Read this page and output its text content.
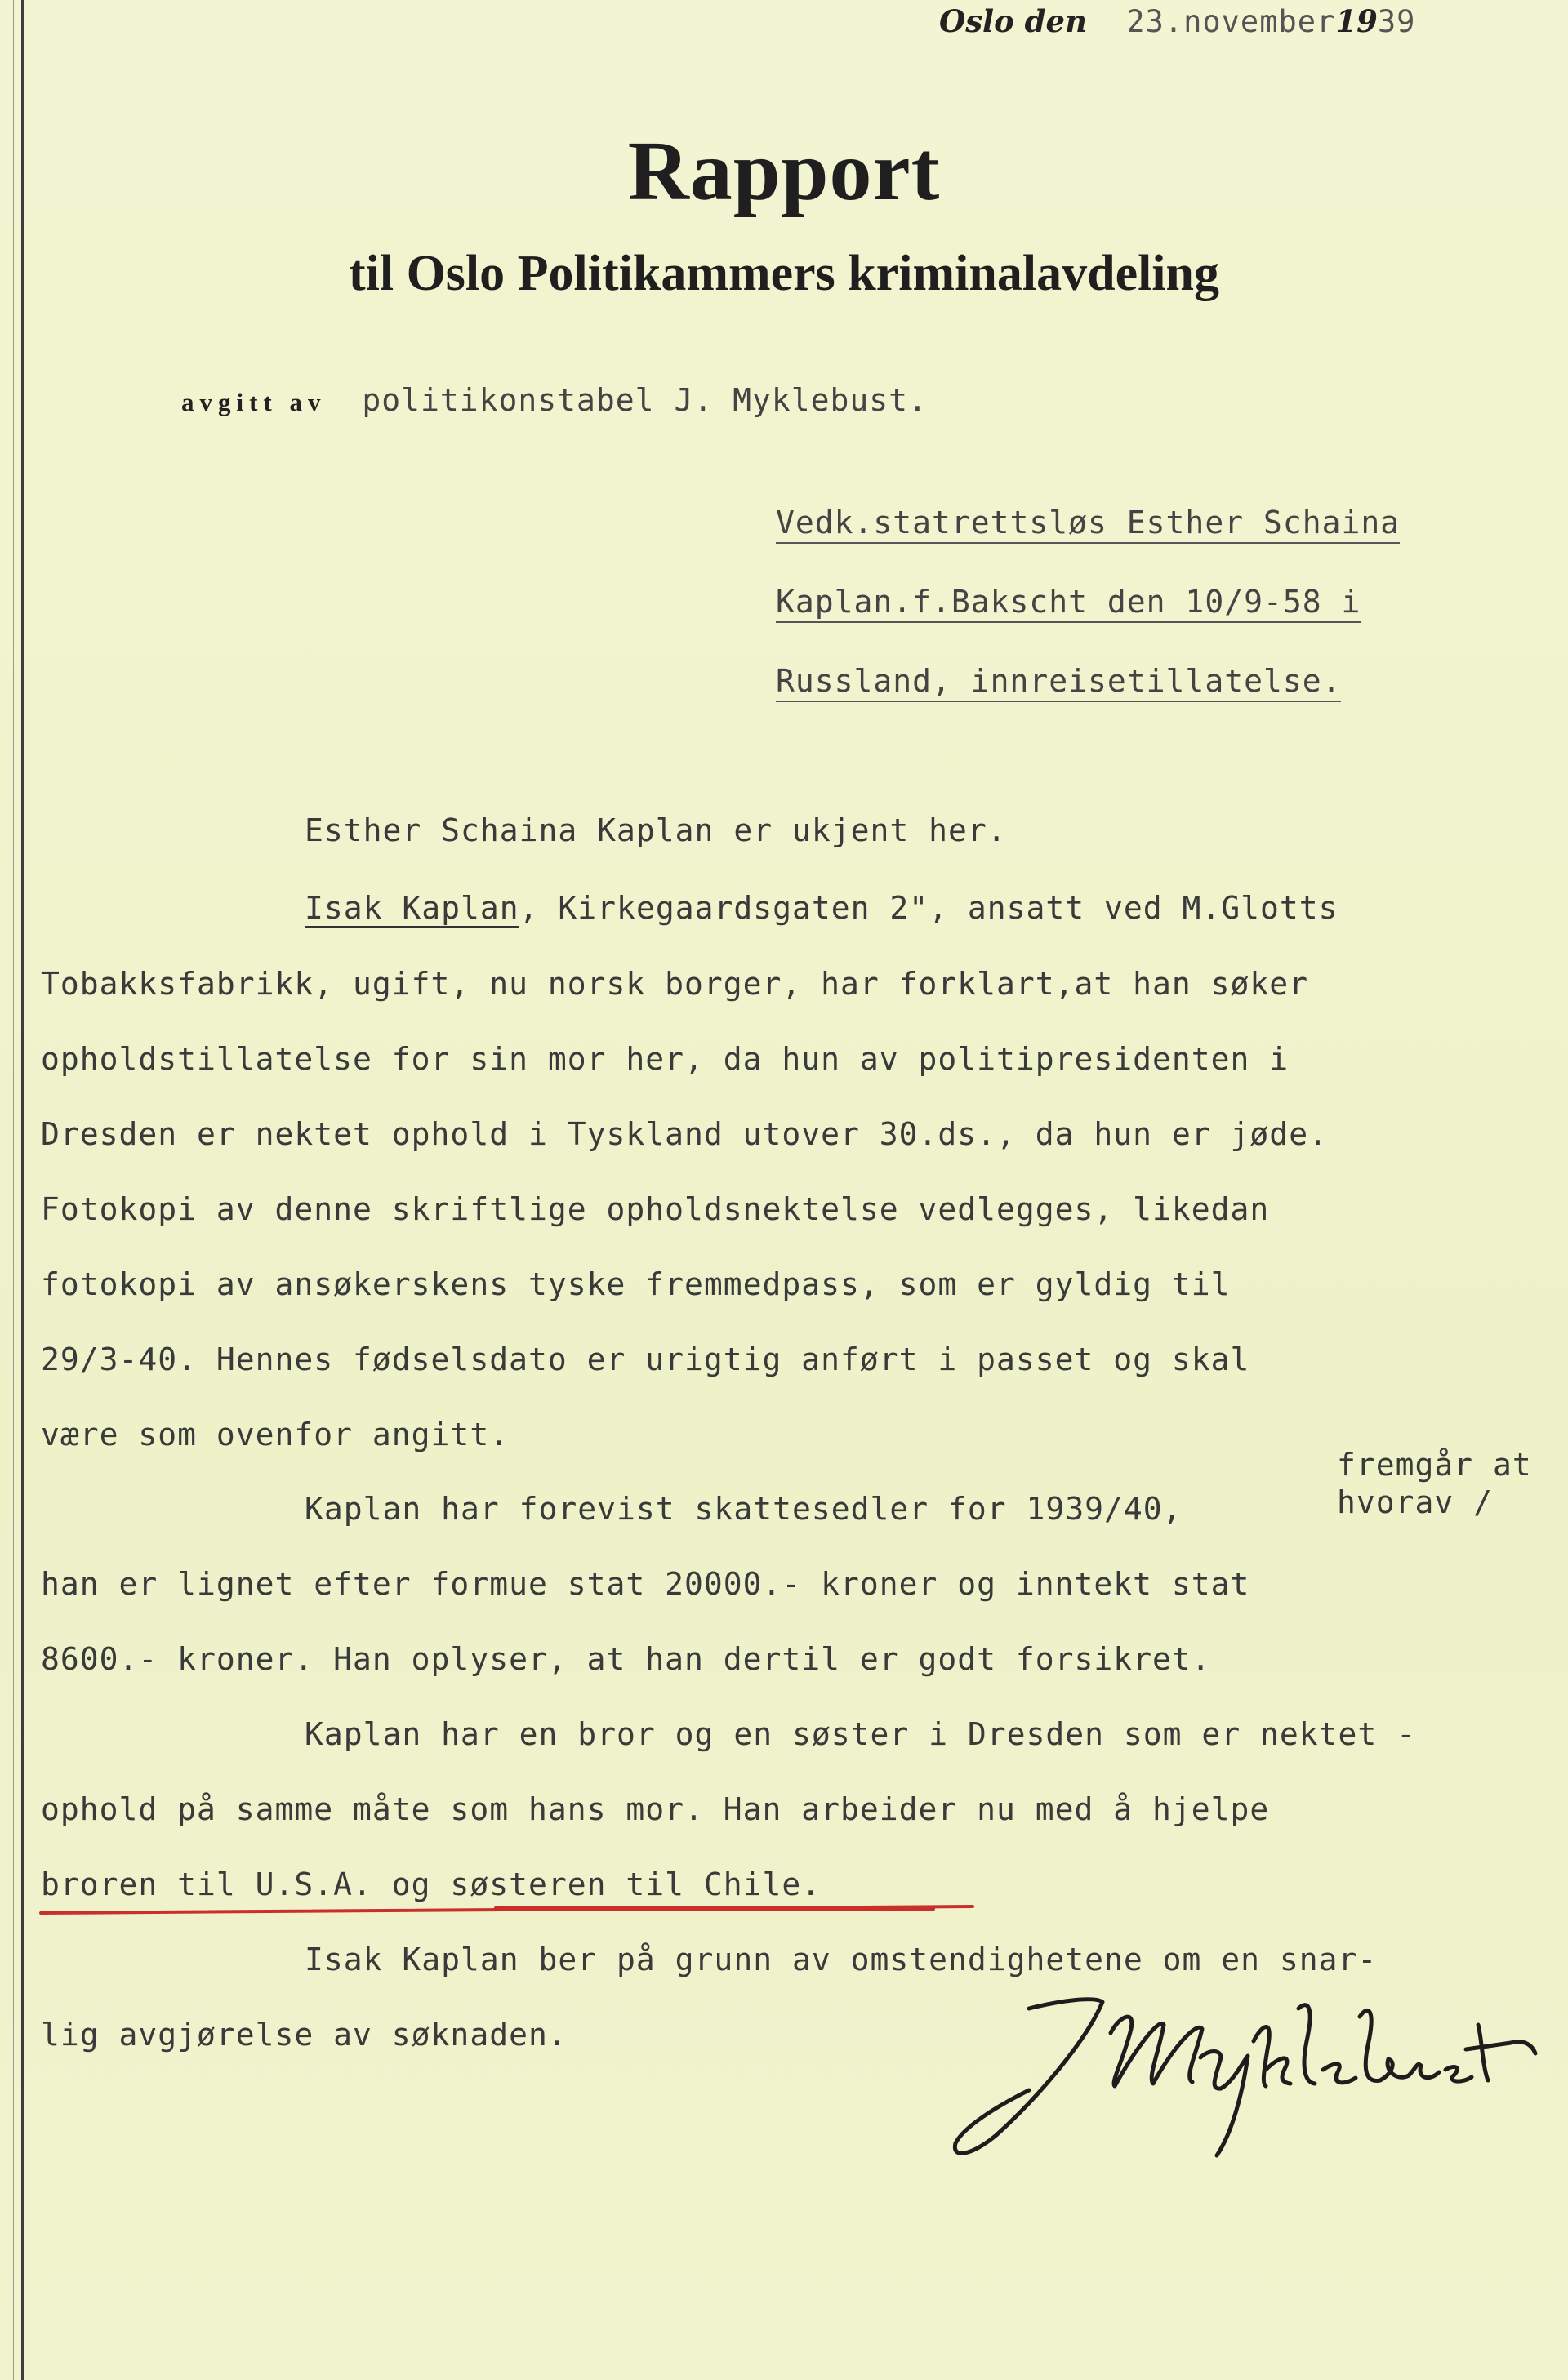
Oslo den 23.november1939
Rapport
til Oslo Politikammers kriminalavdeling
avgitt av politikonstabel J. Myklebust.
Vedk.statrettsløs Esther Schaina
Kaplan.f.Bakscht den 10/9-58 i
Russland, innreisetillatelse.
Esther Schaina Kaplan er ukjent her.
Isak Kaplan, Kirkegaardsgaten 2", ansatt ved M.Glotts
Tobakksfabrikk, ugift, nu norsk borger, har forklart,at han søker
opholdstillatelse for sin mor her, da hun av politipresidenten i
Dresden er nektet ophold i Tyskland utover 30.ds., da hun er jøde.
Fotokopi av denne skriftlige opholdsnektelse vedlegges, likedan
fotokopi av ansøkerskens tyske fremmedpass, som er gyldig til
29/3-40. Hennes fødselsdato er urigtig anført i passet og skal
være som ovenfor angitt.
fremgår at
Kaplan har forevist skattesedler for 1939/40,	hvorav /
han er lignet efter formue stat 20000.- kroner og inntekt stat
8600.- kroner. Han oplyser, at han dertil er godt forsikret.
Kaplan har en bror og en søster i Dresden som er nektet -
ophold på samme måte som hans mor. Han arbeider nu med å hjelpe
broren til U.S.A. og søsteren til Chile.
Isak Kaplan ber på grunn av omstendighetene om en snar-
lig avgjørelse av søknaden.
